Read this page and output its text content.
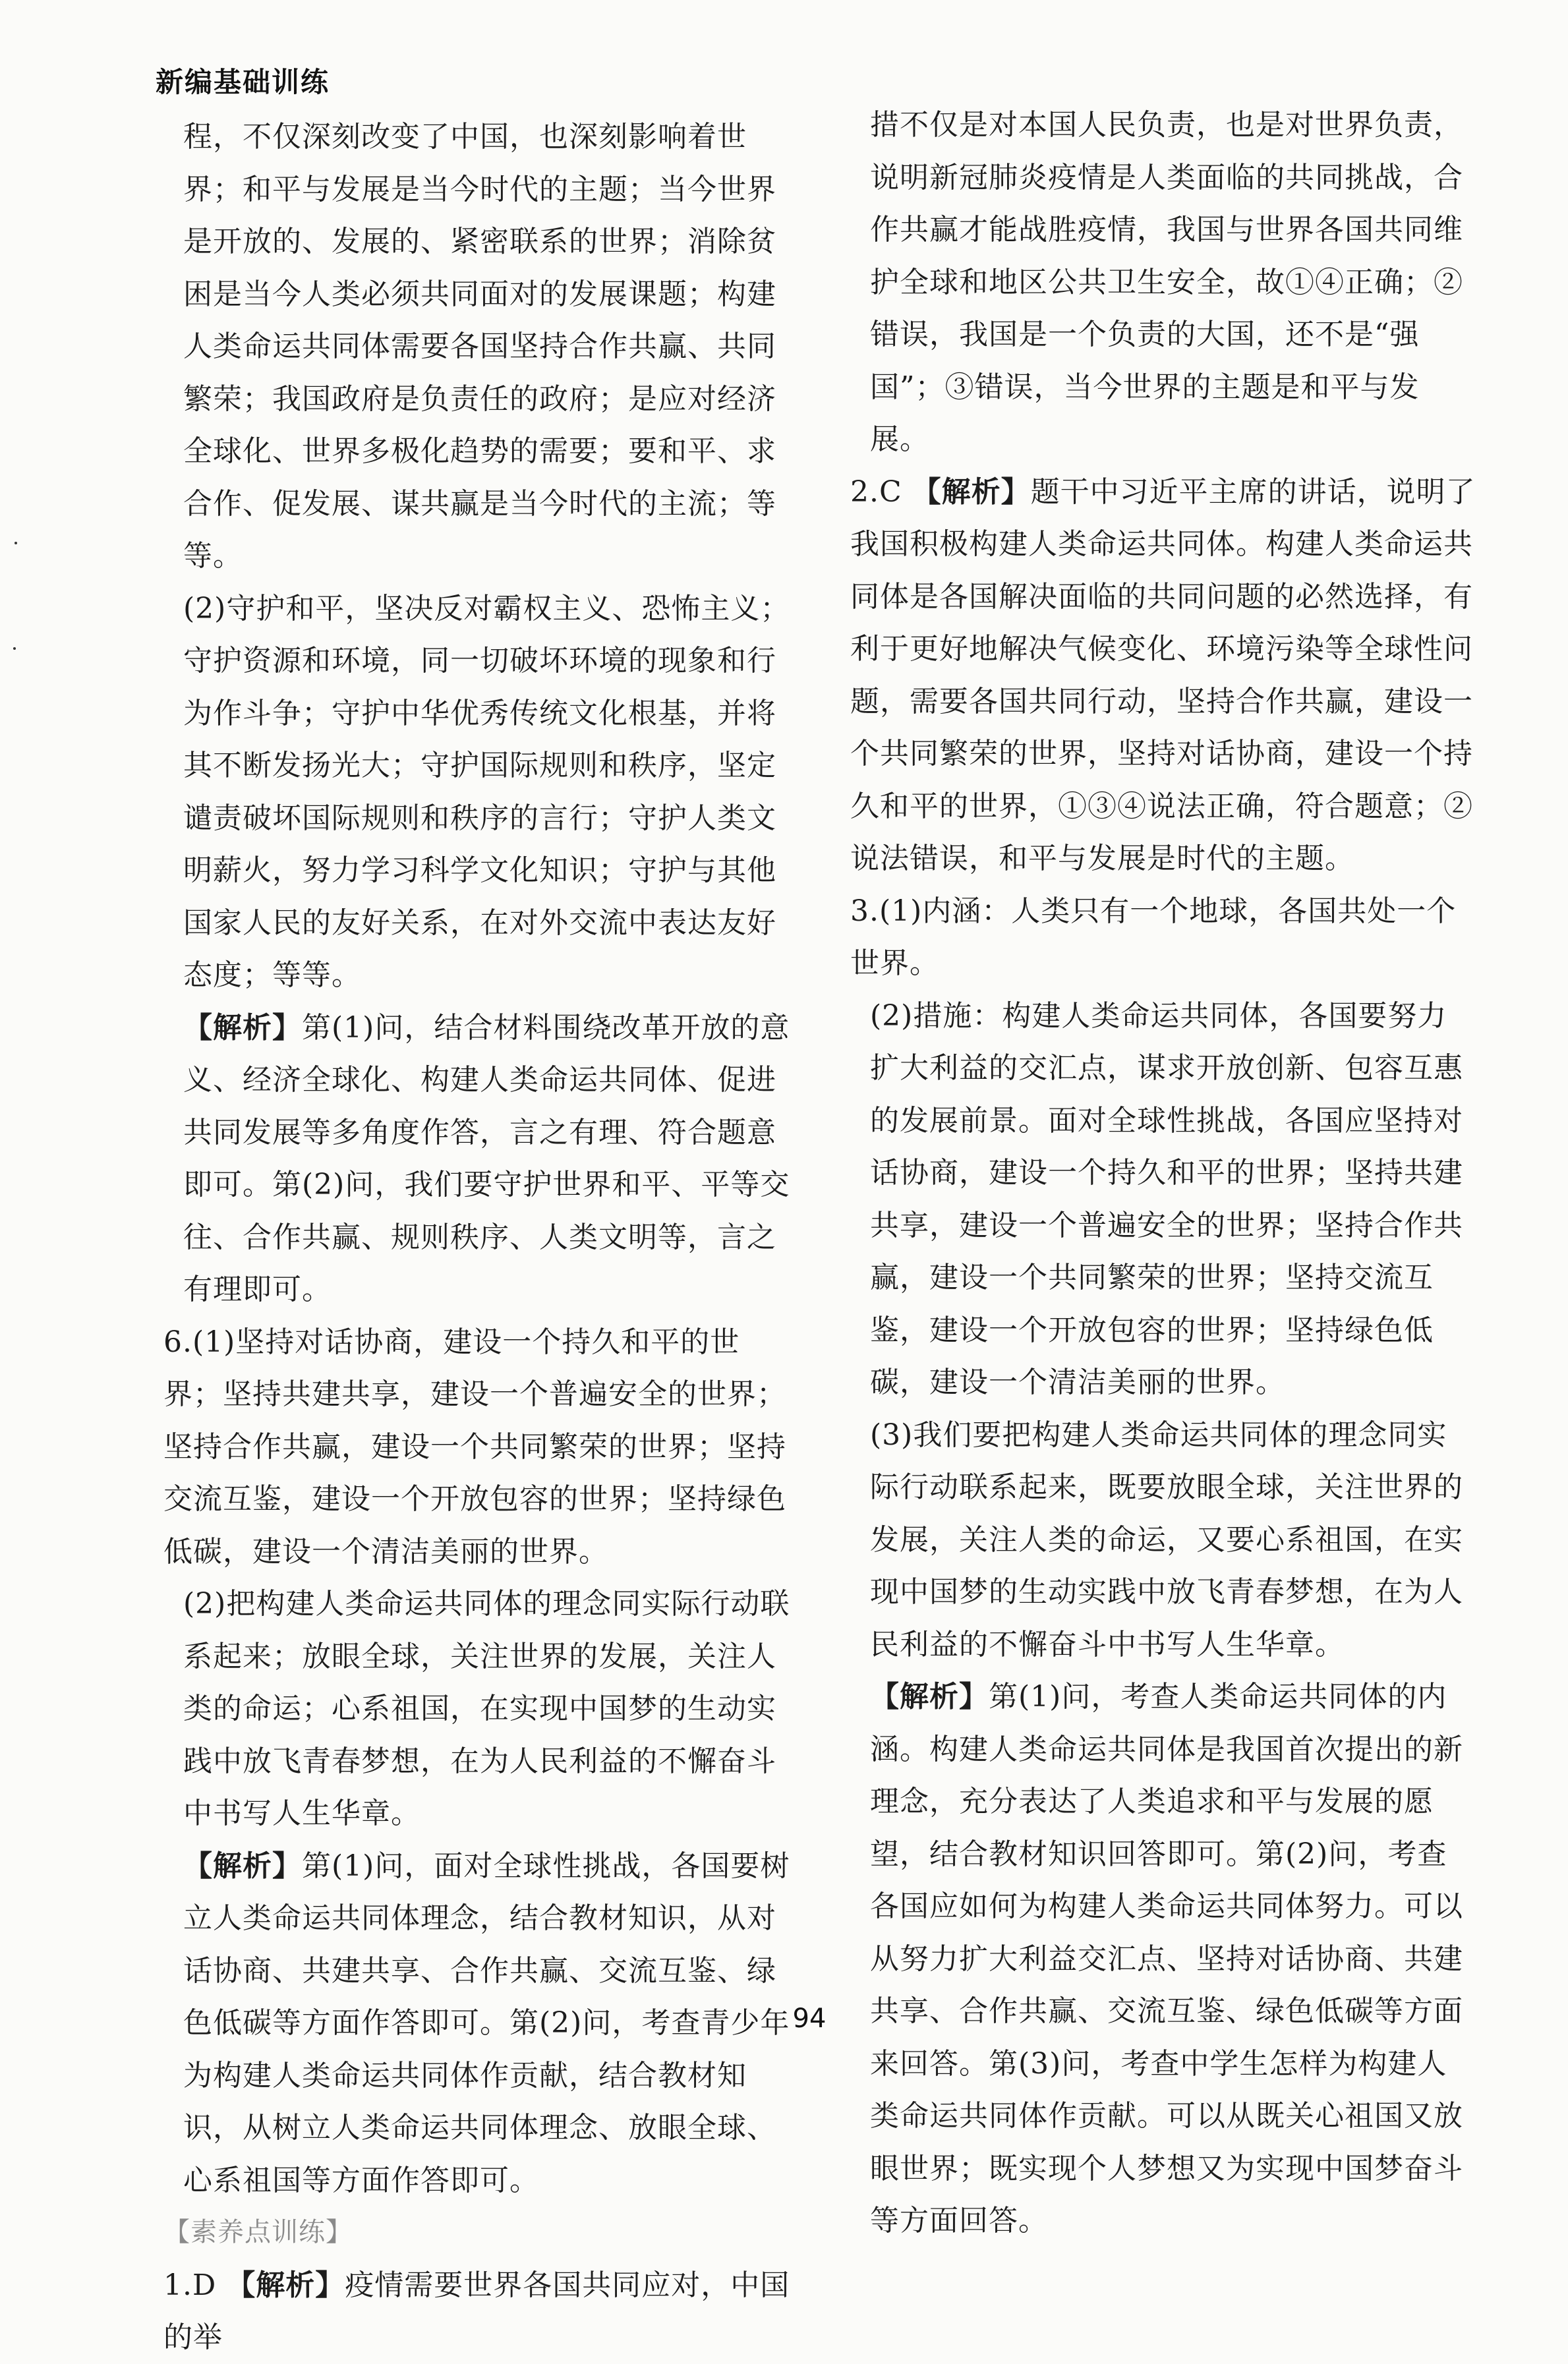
新编基础训练

程，不仅深刻改变了中国，也深刻影响着世界；和平与发展是当今时代的主题；当今世界是开放的、发展的、紧密联系的世界；消除贫困是当今人类必须共同面对的发展课题；构建人类命运共同体需要各国坚持合作共赢、共同繁荣；我国政府是负责任的政府；是应对经济全球化、世界多极化趋势的需要；要和平、求合作、促发展、谋共赢是当今时代的主流；等等。

(2)守护和平，坚决反对霸权主义、恐怖主义；守护资源和环境，同一切破坏环境的现象和行为作斗争；守护中华优秀传统文化根基，并将其不断发扬光大；守护国际规则和秩序，坚定谴责破坏国际规则和秩序的言行；守护人类文明薪火，努力学习科学文化知识；守护与其他国家人民的友好关系，在对外交流中表达友好态度；等等。

【解析】第(1)问，结合材料围绕改革开放的意义、经济全球化、构建人类命运共同体、促进共同发展等多角度作答，言之有理、符合题意即可。第(2)问，我们要守护世界和平、平等交往、合作共赢、规则秩序、人类文明等，言之有理即可。

6.(1)坚持对话协商，建设一个持久和平的世界；坚持共建共享，建设一个普遍安全的世界；坚持合作共赢，建设一个共同繁荣的世界；坚持交流互鉴，建设一个开放包容的世界；坚持绿色低碳，建设一个清洁美丽的世界。

(2)把构建人类命运共同体的理念同实际行动联系起来；放眼全球，关注世界的发展，关注人类的命运；心系祖国，在实现中国梦的生动实践中放飞青春梦想，在为人民利益的不懈奋斗中书写人生华章。

【解析】第(1)问，面对全球性挑战，各国要树立人类命运共同体理念，结合教材知识，从对话协商、共建共享、合作共赢、交流互鉴、绿色低碳等方面作答即可。第(2)问，考查青少年为构建人类命运共同体作贡献，结合教材知识，从树立人类命运共同体理念、放眼全球、心系祖国等方面作答即可。

【素养点训练】

1.D 【解析】疫情需要世界各国共同应对，中国的举

措不仅是对本国人民负责，也是对世界负责，说明新冠肺炎疫情是人类面临的共同挑战，合作共赢才能战胜疫情，我国与世界各国共同维护全球和地区公共卫生安全，故①④正确；②错误，我国是一个负责的大国，还不是“强国”；③错误，当今世界的主题是和平与发展。

2.C 【解析】题干中习近平主席的讲话，说明了我国积极构建人类命运共同体。构建人类命运共同体是各国解决面临的共同问题的必然选择，有利于更好地解决气候变化、环境污染等全球性问题，需要各国共同行动，坚持合作共赢，建设一个共同繁荣的世界，坚持对话协商，建设一个持久和平的世界，①③④说法正确，符合题意；②说法错误，和平与发展是时代的主题。

3.(1)内涵：人类只有一个地球，各国共处一个世界。

(2)措施：构建人类命运共同体，各国要努力扩大利益的交汇点，谋求开放创新、包容互惠的发展前景。面对全球性挑战，各国应坚持对话协商，建设一个持久和平的世界；坚持共建共享，建设一个普遍安全的世界；坚持合作共赢，建设一个共同繁荣的世界；坚持交流互鉴，建设一个开放包容的世界；坚持绿色低碳，建设一个清洁美丽的世界。

(3)我们要把构建人类命运共同体的理念同实际行动联系起来，既要放眼全球，关注世界的发展，关注人类的命运，又要心系祖国，在实现中国梦的生动实践中放飞青春梦想，在为人民利益的不懈奋斗中书写人生华章。

【解析】第(1)问，考查人类命运共同体的内涵。构建人类命运共同体是我国首次提出的新理念，充分表达了人类追求和平与发展的愿望，结合教材知识回答即可。第(2)问，考查各国应如何为构建人类命运共同体努力。可以从努力扩大利益交汇点、坚持对话协商、共建共享、合作共赢、交流互鉴、绿色低碳等方面来回答。第(3)问，考查中学生怎样为构建人类命运共同体作贡献。可以从既关心祖国又放眼世界；既实现个人梦想又为实现中国梦奋斗等方面回答。

94
